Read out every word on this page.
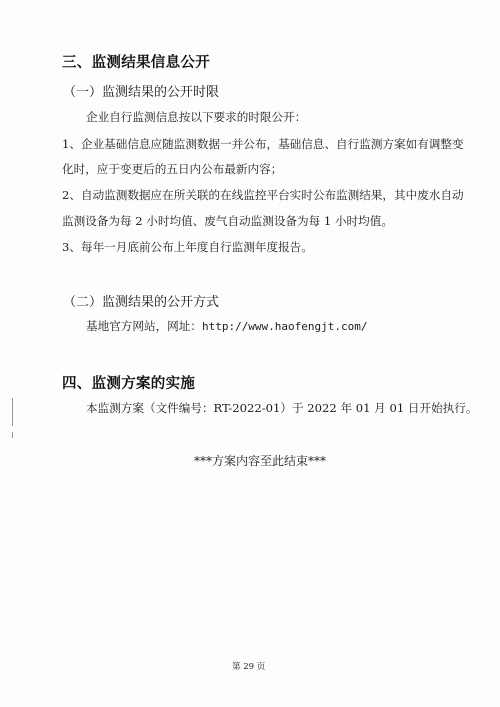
三、监测结果信息公开
（一）监测结果的公开时限
企业自行监测信息按以下要求的时限公开：
1、企业基础信息应随监测数据一并公布，基础信息、自行监测方案如有调整变
化时，应于变更后的五日内公布最新内容；
2、自动监测数据应在所关联的在线监控平台实时公布监测结果，其中废水自动
监测设备为每 2 小时均值、废气自动监测设备为每 1 小时均值。
3、每年一月底前公布上年度自行监测年度报告。
（二）监测结果的公开方式
基地官方网站，网址：http://www.haofengjt.com/
四、监测方案的实施
本监测方案（文件编号：RT-2022-01）于 2022 年 01 月 01 日开始执行。
***方案内容至此结束***
第 29 页
